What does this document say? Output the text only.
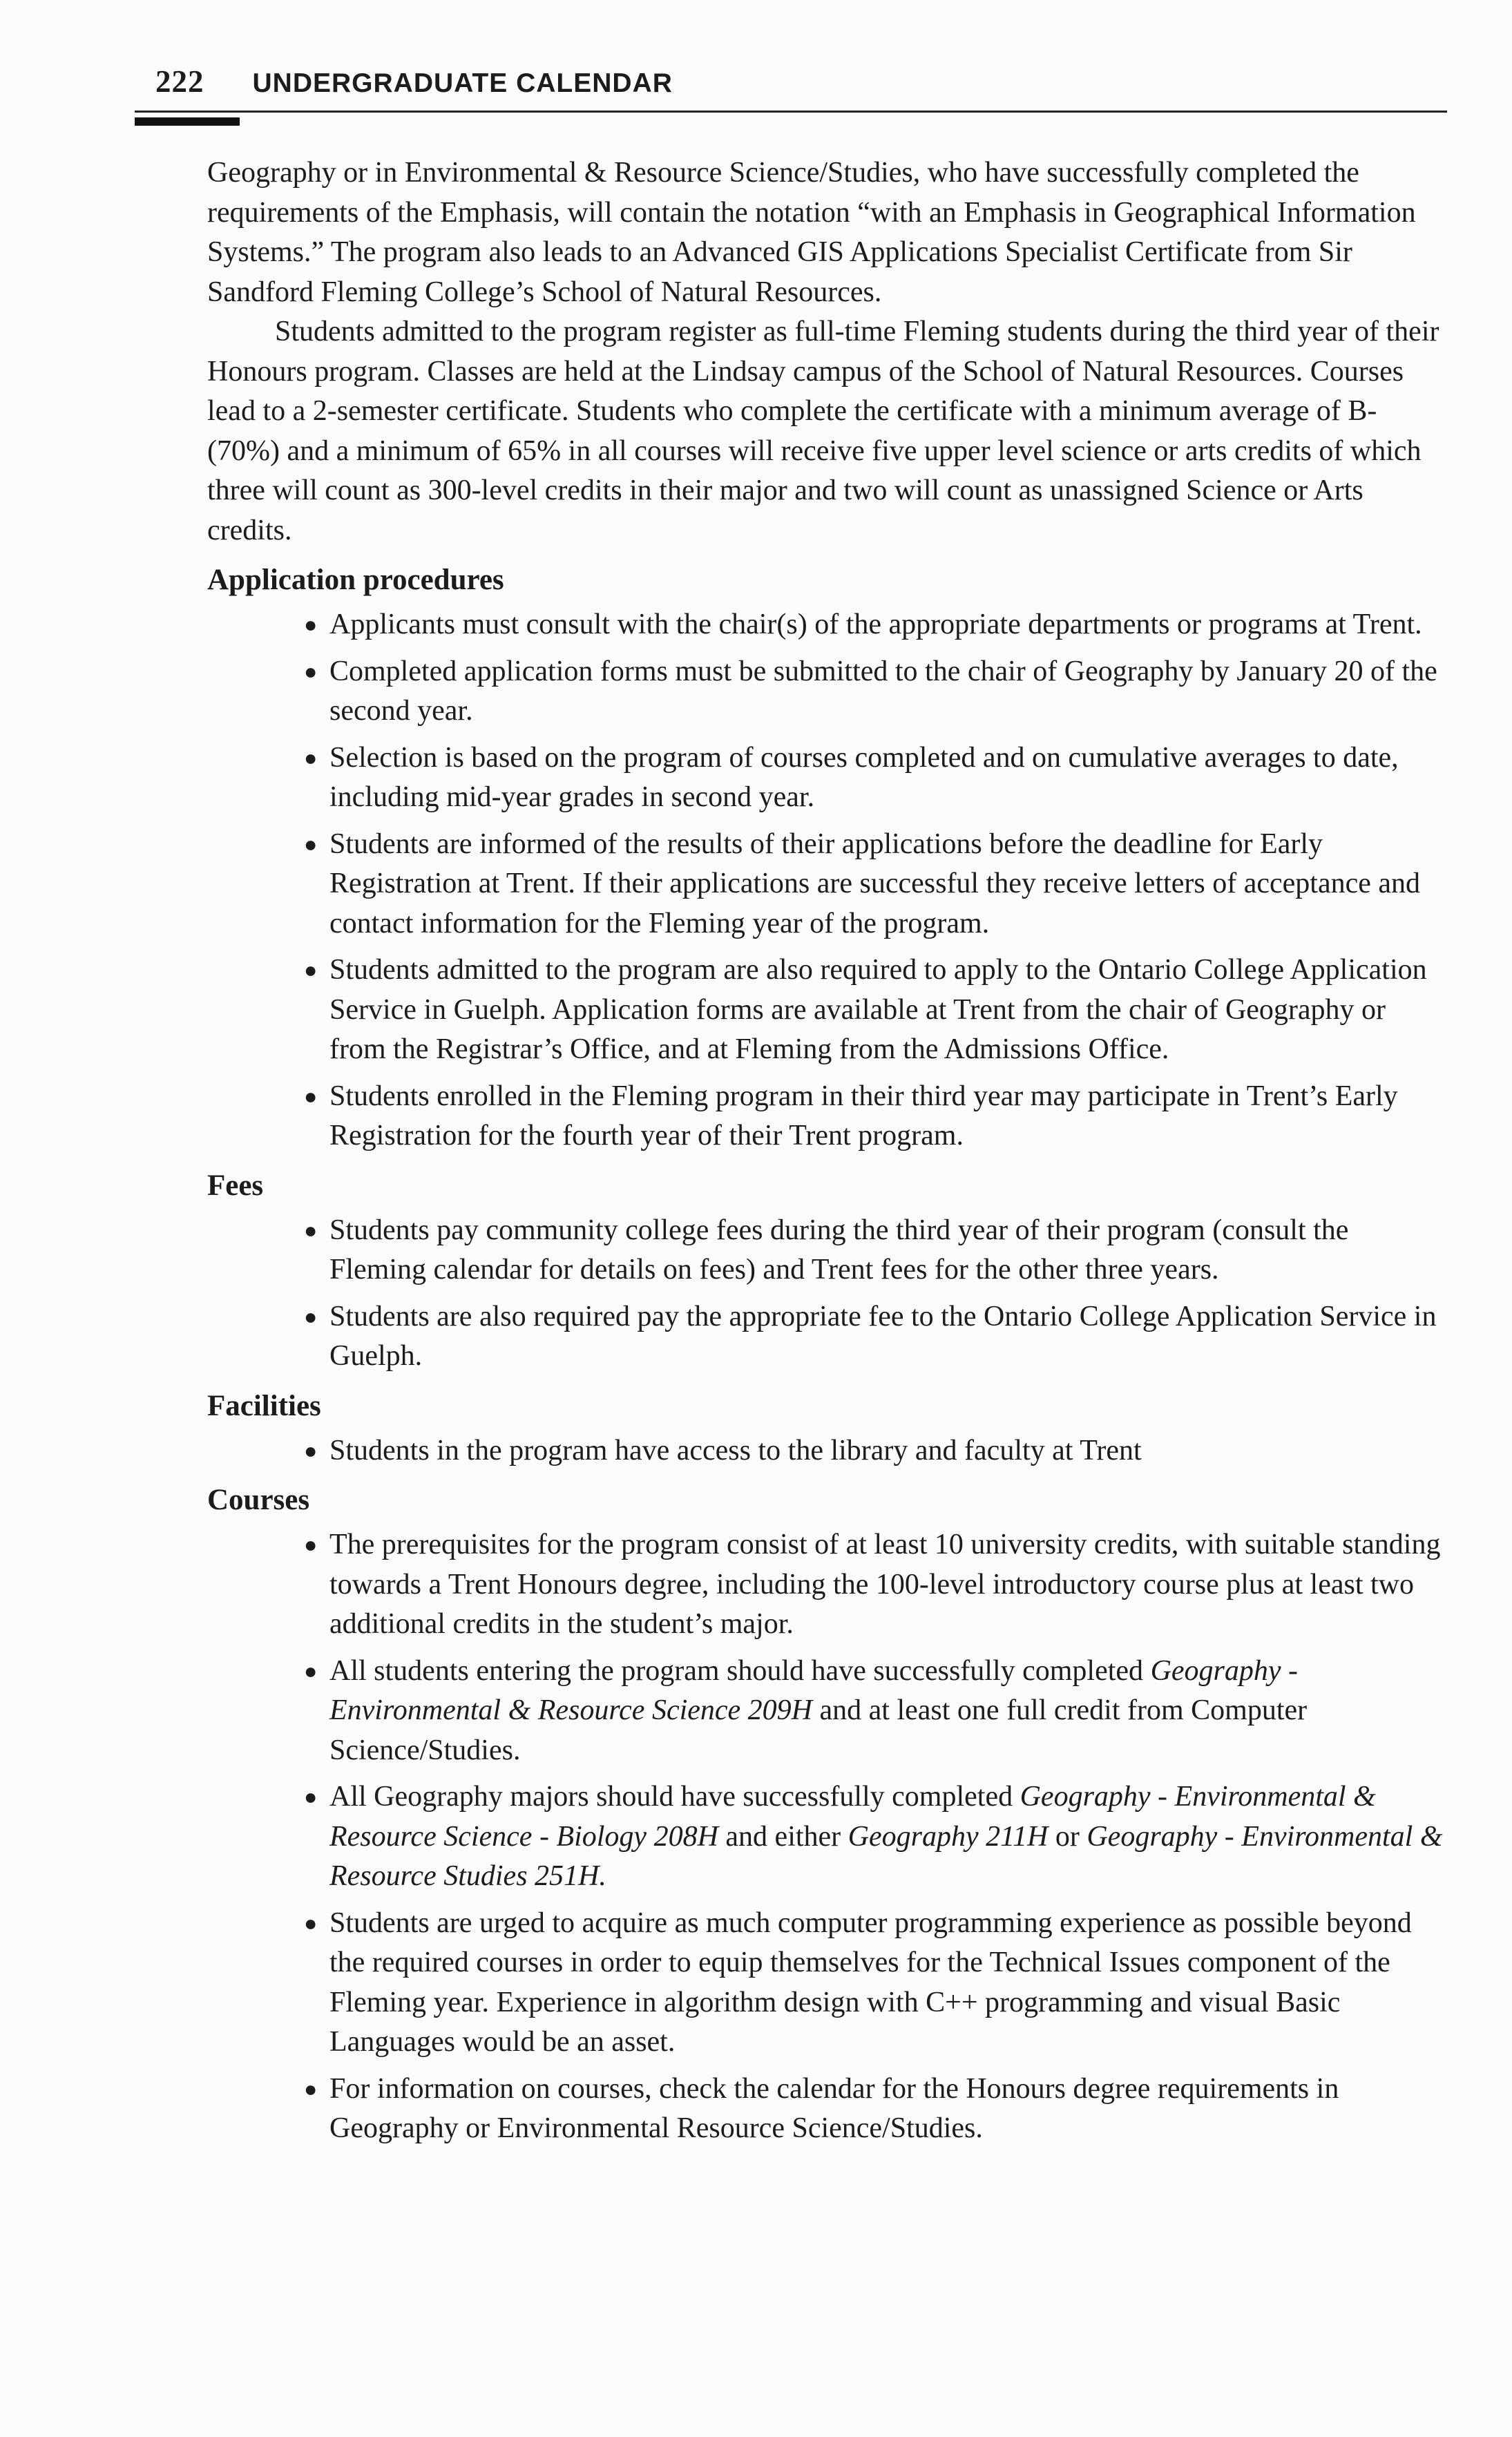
222 UNDERGRADUATE CALENDAR

Geography or in Environmental & Resource Science/Studies, who have successfully completed the requirements of the Emphasis, will contain the notation “with an Emphasis in Geographical Information Systems.” The program also leads to an Advanced GIS Applications Specialist Certificate from Sir Sandford Fleming College’s School of Natural Resources.

Students admitted to the program register as full-time Fleming students during the third year of their Honours program. Classes are held at the Lindsay campus of the School of Natural Resources. Courses lead to a 2-semester certificate. Students who complete the certificate with a minimum average of B- (70%) and a minimum of 65% in all courses will receive five upper level science or arts credits of which three will count as 300-level credits in their major and two will count as unassigned Science or Arts credits.

Application procedures
● Applicants must consult with the chair(s) of the appropriate departments or programs at Trent.
● Completed application forms must be submitted to the chair of Geography by January 20 of the second year.
● Selection is based on the program of courses completed and on cumulative averages to date, including mid-year grades in second year.
● Students are informed of the results of their applications before the deadline for Early Registration at Trent. If their applications are successful they receive letters of acceptance and contact information for the Fleming year of the program.
● Students admitted to the program are also required to apply to the Ontario College Application Service in Guelph. Application forms are available at Trent from the chair of Geography or from the Registrar’s Office, and at Fleming from the Admissions Office.
● Students enrolled in the Fleming program in their third year may participate in Trent’s Early Registration for the fourth year of their Trent program.
Fees
● Students pay community college fees during the third year of their program (consult the Fleming calendar for details on fees) and Trent fees for the other three years.
● Students are also required pay the appropriate fee to the Ontario College Application Service in Guelph.
Facilities
● Students in the program have access to the library and faculty at Trent
Courses
● The prerequisites for the program consist of at least 10 university credits, with suitable standing towards a Trent Honours degree, including the 100-level introductory course plus at least two additional credits in the student’s major.
● All students entering the program should have successfully completed Geography - Environmental & Resource Science 209H and at least one full credit from Computer Science/Studies.
● All Geography majors should have successfully completed Geography - Environmental & Resource Science - Biology 208H and either Geography 211H or Geography - Environmental & Resource Studies 251H.
● Students are urged to acquire as much computer programming experience as possible beyond the required courses in order to equip themselves for the Technical Issues component of the Fleming year. Experience in algorithm design with C++ programming and visual Basic Languages would be an asset.
● For information on courses, check the calendar for the Honours degree requirements in Geography or Environmental Resource Science/Studies.
